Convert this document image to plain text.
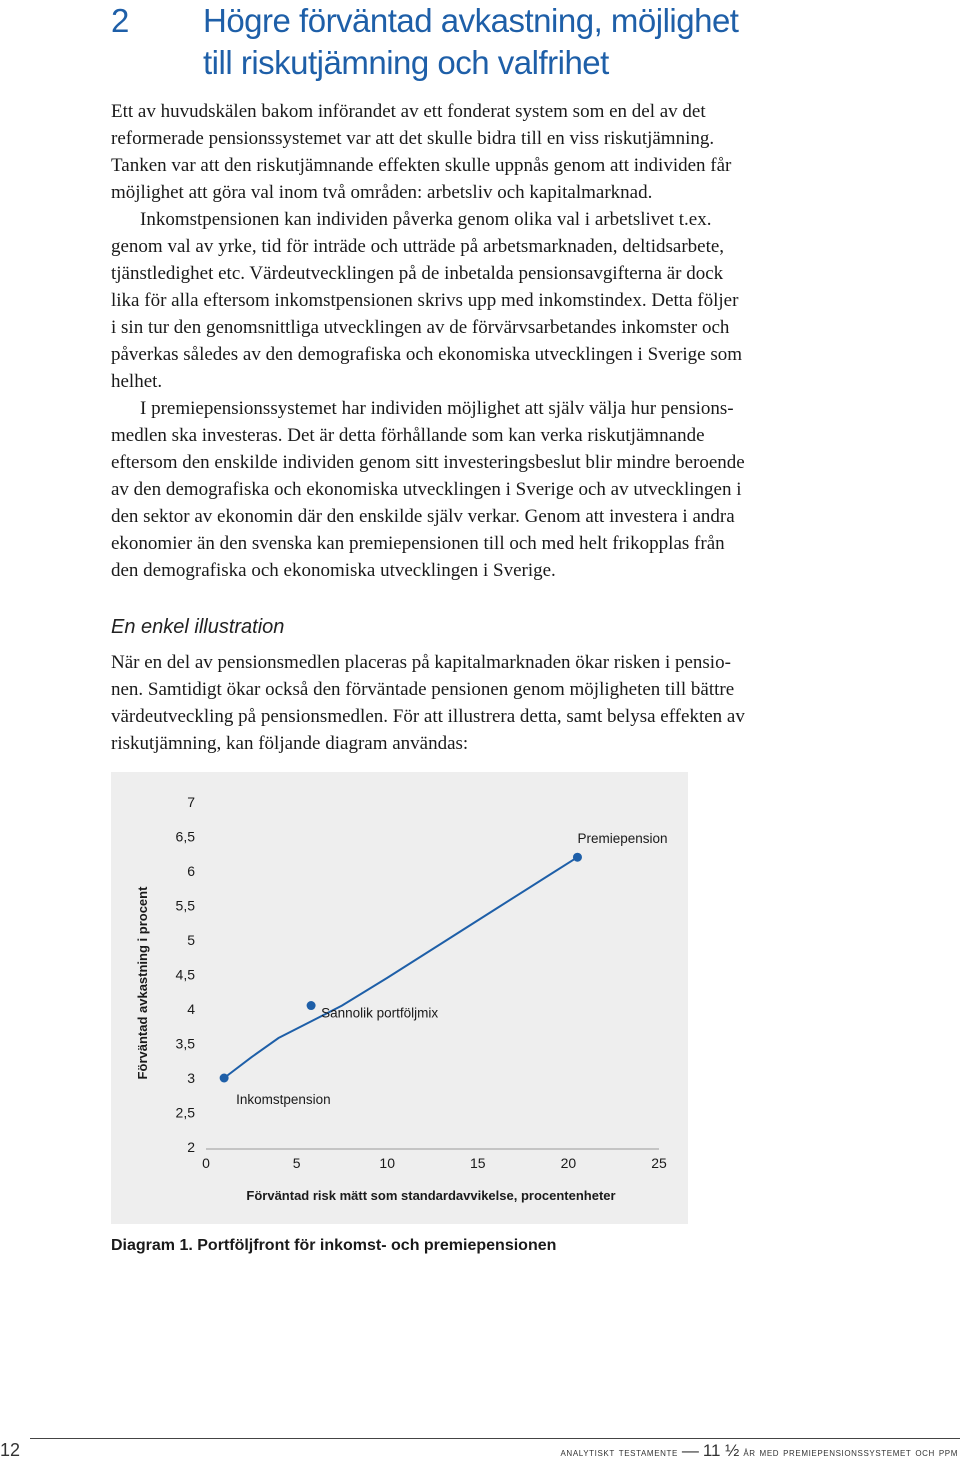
2 Högre förväntad avkastning, möjlighet
till riskutjämning och valfrihet
Ett av huvudskälen bakom införandet av ett fonderat system som en del av det
reformerade pensionssystemet var att det skulle bidra till en viss riskutjämning.
Tanken var att den riskutjämnande effekten skulle uppnås genom att individen får
möjlighet att göra val inom två områden: arbetsliv och kapitalmarknad.
Inkomstpensionen kan individen påverka genom olika val i arbetslivet t.ex.
genom val av yrke, tid för inträde och utträde på arbetsmarknaden, deltidsarbete,
tjänstledighet etc. Värdeutvecklingen på de inbetalda pensionsavgifterna är dock
lika för alla eftersom inkomstpensionen skrivs upp med inkomstindex. Detta följer
i sin tur den genomsnittliga utvecklingen av de förvärvsarbetandes inkomster och
påverkas således av den demografiska och ekonomiska utvecklingen i Sverige som
helhet.
I premiepensionssystemet har individen möjlighet att själv välja hur pensions-
medlen ska investeras. Det är detta förhållande som kan verka riskutjämnande
eftersom den enskilde individen genom sitt investeringsbeslut blir mindre beroende
av den demografiska och ekonomiska utvecklingen i Sverige och av utvecklingen i
den sektor av ekonomin där den enskilde själv verkar. Genom att investera i andra
ekonomier än den svenska kan premiepensionen till och med helt frikopplas från
den demografiska och ekonomiska utvecklingen i Sverige.
En enkel illustration
När en del av pensionsmedlen placeras på kapitalmarknaden ökar risken i pensio-
nen. Samtidigt ökar också den förväntade pensionen genom möjligheten till bättre
värdeutveckling på pensionsmedlen. För att illustrera detta, samt belysa effekten av
riskutjämning, kan följande diagram användas:
7
6,5
6
5,5
5
4,5
4
3,5
3
2,5
2
0	5	10	15	20	25
Inkomstpension
Sannolik portföljmix
Premiepension
Förväntad risk mätt som standardavvikelse, procentenheter
Förväntad avkastning i procent
Diagram 1. Portföljfront för inkomst- och premiepensionen
12	analytiskt testamente — 11 ½ år med premiepensionssystemet och ppm
